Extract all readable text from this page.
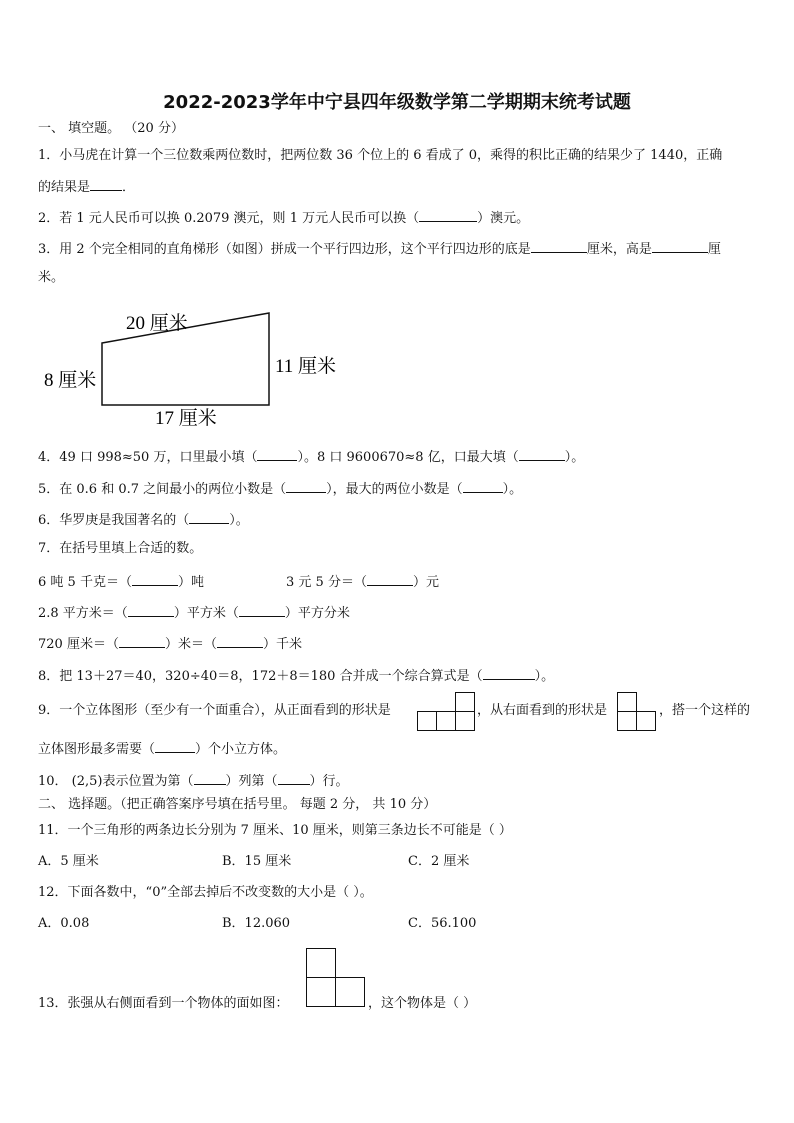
2022-2023学年中宁县四年级数学第二学期期末统考试题
一、 填空题。 （20 分）
1．小马虎在计算一个三位数乘两位数时，把两位数 36 个位上的 6 看成了 0，乘得的积比正确的结果少了 1440，正确
的结果是 ．
2．若 1 元人民币可以换 0.2079 澳元，则 1 万元人民币可以换（	）澳元。
3．用 2 个完全相同的直角梯形（如图）拼成一个平行四边形，这个平行四边形的底是	厘米，高是	厘
米。
20 厘米
11 厘米
8 厘米
17 厘米
4．49 口 998≈50 万，口里最小填（	）。8 口 9600670≈8 亿，口最大填（	）。
5．在 0.6 和 0.7 之间最小的两位小数是（	），最大的两位小数是（	）。
6．华罗庚是我国著名的（	）。
7．在括号里填上合适的数。
6 吨 5 千克＝（	）吨	3 元 5 分＝（	）元
2.8 平方米＝（	）平方米（	）平方分米
720 厘米＝（	）米＝（	）千米
8．把 13＋27＝40，320÷40＝8，172＋8＝180 合并成一个综合算式是（	）。
9．一个立体图形（至少有一个面重合），从正面看到的形状是	，从右面看到的形状是	，搭一个这样的
立体图形最多需要（	）个小立方体。
10． (2,5)表示位置为第（ ）列第（ ）行。
二、 选择题。（把正确答案序号填在括号里。 每题 2 分， 共 10 分）
11．一个三角形的两条边长分别为 7 厘米、10 厘米，则第三条边长不可能是（ ）
A．5 厘米	B．15 厘米	C．2 厘米
12．下面各数中，“0”全部去掉后不改变数的大小是（ ）。
A．0.08	B．12.060	C．56.100
13．张强从右侧面看到一个物体的面如图：	，这个物体是（ ）
